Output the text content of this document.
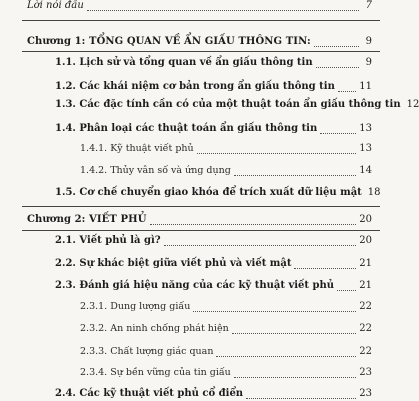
Lời nói đầu	7
Chương 1: TỔNG QUAN VỀ ẨN GIẤU THÔNG TIN:	9
1.1. Lịch sử và tổng quan về ẩn giấu thông tin	9
1.2. Các khái niệm cơ bản trong ẩn giấu thông tin 11
1.3. Các đặc tính cần có của một thuật toán ẩn giấu thông tin 12
1.4. Phân loại các thuật toán ẩn giấu thông tin	13
1.4.1. Kỹ thuật viết phủ	13
1.4.2. Thủy vân số và ứng dụng	14
1.5. Cơ chế chuyển giao khóa để trích xuất dữ liệu mật 18
Chương 2: VIẾT PHỦ	20
2.1. Viết phủ là gì?	20
2.2. Sự khác biệt giữa viết phủ và viết mật	21
2.3. Đánh giá hiệu năng của các kỹ thuật viết phủ	21
2.3.1. Dung lượng giấu	22
2.3.2. An ninh chống phát hiện	22
2.3.3. Chất lượng giác quan	22
2.3.4. Sự bền vững của tin giấu	23
2.4. Các kỹ thuật viết phủ cổ điển	23
